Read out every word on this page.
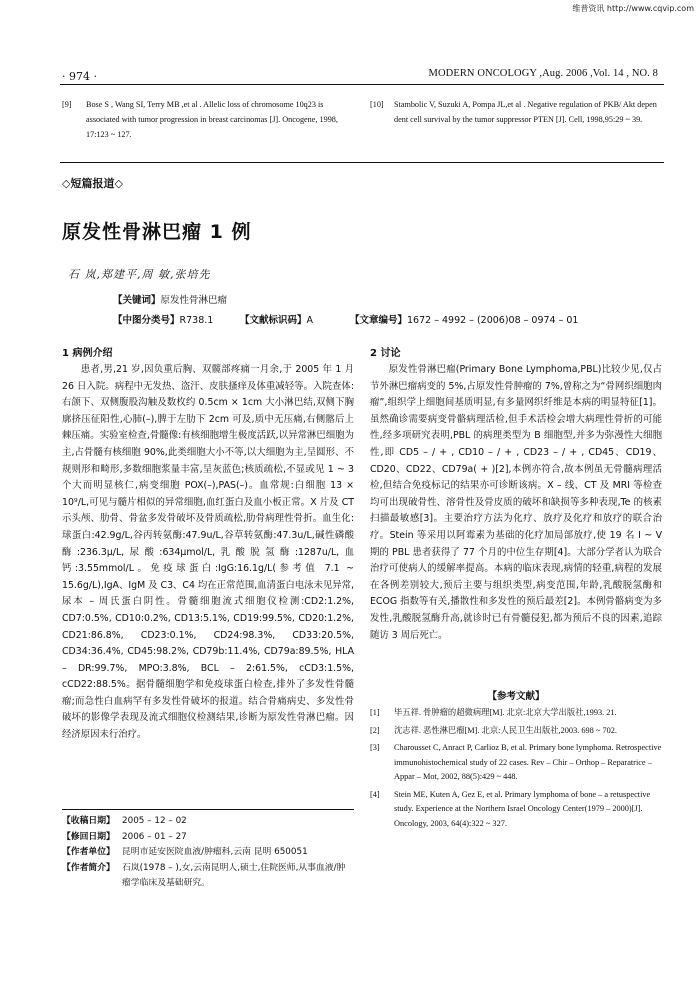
维普资讯 http://www.cqvip.com
· 974 ·	MODERN ONCOLOGY ,Aug. 2006 ,Vol. 14 , NO. 8
[9]	Bose S , Wang SI, Terry MB ,et al . Allelic loss of chromosome 10q23 is associated with tumor progression in breast carcinomas [J]. Oncogene, 1998, 17:123 ~ 127.
[10]	Stambolic V, Suzuki A, Pompa JL,et al . Negative regulation of PKB/ Akt depen dent cell survival by the tumor suppressor PTEN [J]. Cell, 1998,95:29 ~ 39.
◇短篇报道◇
原发性骨淋巴瘤 1 例
石 岚,郑建平,周 敏,张培先
【关键词】原发性骨淋巴瘤
【中图分类号】R738.1	【文献标识码】A	【文章编号】1672 – 4992 – (2006)08 – 0974 – 01
1 病例介绍

患者,男,21 岁,因负重后胸、双髋部疼痛一月余,于 2005 年 1 月 26 日入院。病程中无发热、盗汗、皮肤搔痒及体重减轻等。入院查体:右颌下、双侧腹股沟触及数枚约 0.5cm × 1cm 大小淋巴结,双侧下胸廓挤压征阳性,心肺(–),脾于左肋下 2cm 可及,质中无压痛,右侧髂后上棘压痛。实验室检查,骨髓像:有核细胞增生极度活跃,以异常淋巴细胞为主,占骨髓有核细胞 90%,此类细胞大小不等,以大细胞为主,呈圆形、不规则形和畸形,多数细胞浆量丰富,呈灰蓝色;核质疏松,不显或见 1 ~ 3 个大而明显核仁,病变细胞 POX(–),PAS(–)。血常规:白细胞 13 × 10⁹/L,可见与髓片相似的异常细胞,血红蛋白及血小板正常。X 片及 CT 示头颅、肋骨、骨盆多发骨破坏及骨质疏松,肋骨病理性骨折。血生化:球蛋白:42.9g/L,谷丙转氨酶:47.9u/L,谷草转氨酶:47.3u/L,碱性磷酸酶:236.3μ/L,尿酸:634μmol/L,乳酸脱氢酶:1287u/L,血钙:3.55mmol/L。免疫球蛋白:IgG:16.1g/L(参考值 7.1 ~ 15.6g/L),IgA、IgM 及 C3、C4 均在正常范围,血清蛋白电泳未见异常,尿本 – 周氏蛋白阴性。骨髓细胞流式细胞仪检测:CD2:1.2%, CD7:0.5%, CD10:0.2%, CD13:5.1%, CD19:99.5%, CD20:1.2%, CD21:86.8%, CD23:0.1%, CD24:98.3%, CD33:20.5%, CD34:36.4%, CD45:98.2%, CD79b:11.4%, CD79a:89.5%, HLA – DR:99.7%, MPO:3.8%, BCL – 2:61.5%, cCD3:1.5%, cCD22:88.5%。据骨髓细胞学和免疫球蛋白检查,排外了多发性骨髓瘤;而急性白血病罕有多发性骨破坏的报道。结合骨痛病史、多发性骨破坏的影像学表现及流式细胞仪检测结果,诊断为原发性骨淋巴瘤。因经济原因未行治疗。

【收稿日期】 2005 – 12 – 02
【修回日期】 2006 – 01 – 27
【作者单位】 昆明市延安医院血液/肿瘤科,云南 昆明 650051
【作者简介】 石岚(1978 – ),女,云南昆明人,硕士,住院医师,从事血液/肿瘤学临床及基础研究。
2 讨论

原发性骨淋巴瘤(Primary Bone Lymphoma,PBL)比较少见,仅占节外淋巴瘤病变的 5%,占原发性骨肿瘤的 7%,曾称之为“骨网织细胞肉瘤”,组织学上细胞间基质明显,有多量网织纤维是本病的明显特征[1]。虽然确诊需要病变骨骼病理活检,但手术活检会增大病理性骨折的可能性,经多项研究表明,PBL 的病理类型为 B 细胞型,并多为弥漫性大细胞性,即 CD5 – / + , CD10 – / + , CD23 – / + , CD45、CD19、CD20、CD22、CD79a( + )[2],本例亦符合,故本例虽无骨髓病理活检,但结合免疫标记的结果亦可诊断该病。X – 线、CT 及 MRI 等检查均可出现破骨性、溶骨性及骨皮质的破坏和缺损等多种表现,Te 的核素扫描最敏感[3]。主要治疗方法为化疗、放疗及化疗和放疗的联合治疗。Stein 等采用以阿霉素为基础的化疗加局部放疗,使 19 名 I ~ V 期的 PBL 患者获得了 77 个月的中位生存期[4]。大部分学者认为联合治疗可使病人的缓解率提高。本病的临床表现,病情的轻重,病程的发展在各例差别较大,预后主要与组织类型,病变范围,年龄,乳酸脱氢酶和 ECOG 指数等有关,播散性和多发性的预后最差[2]。本例骨骼病变为多发性,乳酸脱氢酶升高,就诊时已有骨髓侵犯,都为预后不良的因素,追踪随访 3 周后死亡。

【参考文献】
[1] 毕五祥. 骨肿瘤的超微病理[M]. 北京:北京大学出版社,1993. 21.
[2] 沈志祥. 恶性淋巴瘤[M]. 北京:人民卫生出版社,2003. 698 ~ 702.
[3] Charousset C, Anract P, Carlioz B, et al. Primary bone lymphoma. Retrospective immunohistochemical study of 22 cases. Rev – Chir – Orthop – Reparatrice – Appar – Mot, 2002, 88(5):429 ~ 448.
[4] Stein ME, Kuten A, Gez E, et al. Primary lymphoma of bone – a retuspective study. Experience at the Northern Israel Oncology Center(1979 – 2000)[J]. Oncology, 2003, 64(4):322 ~ 327.
